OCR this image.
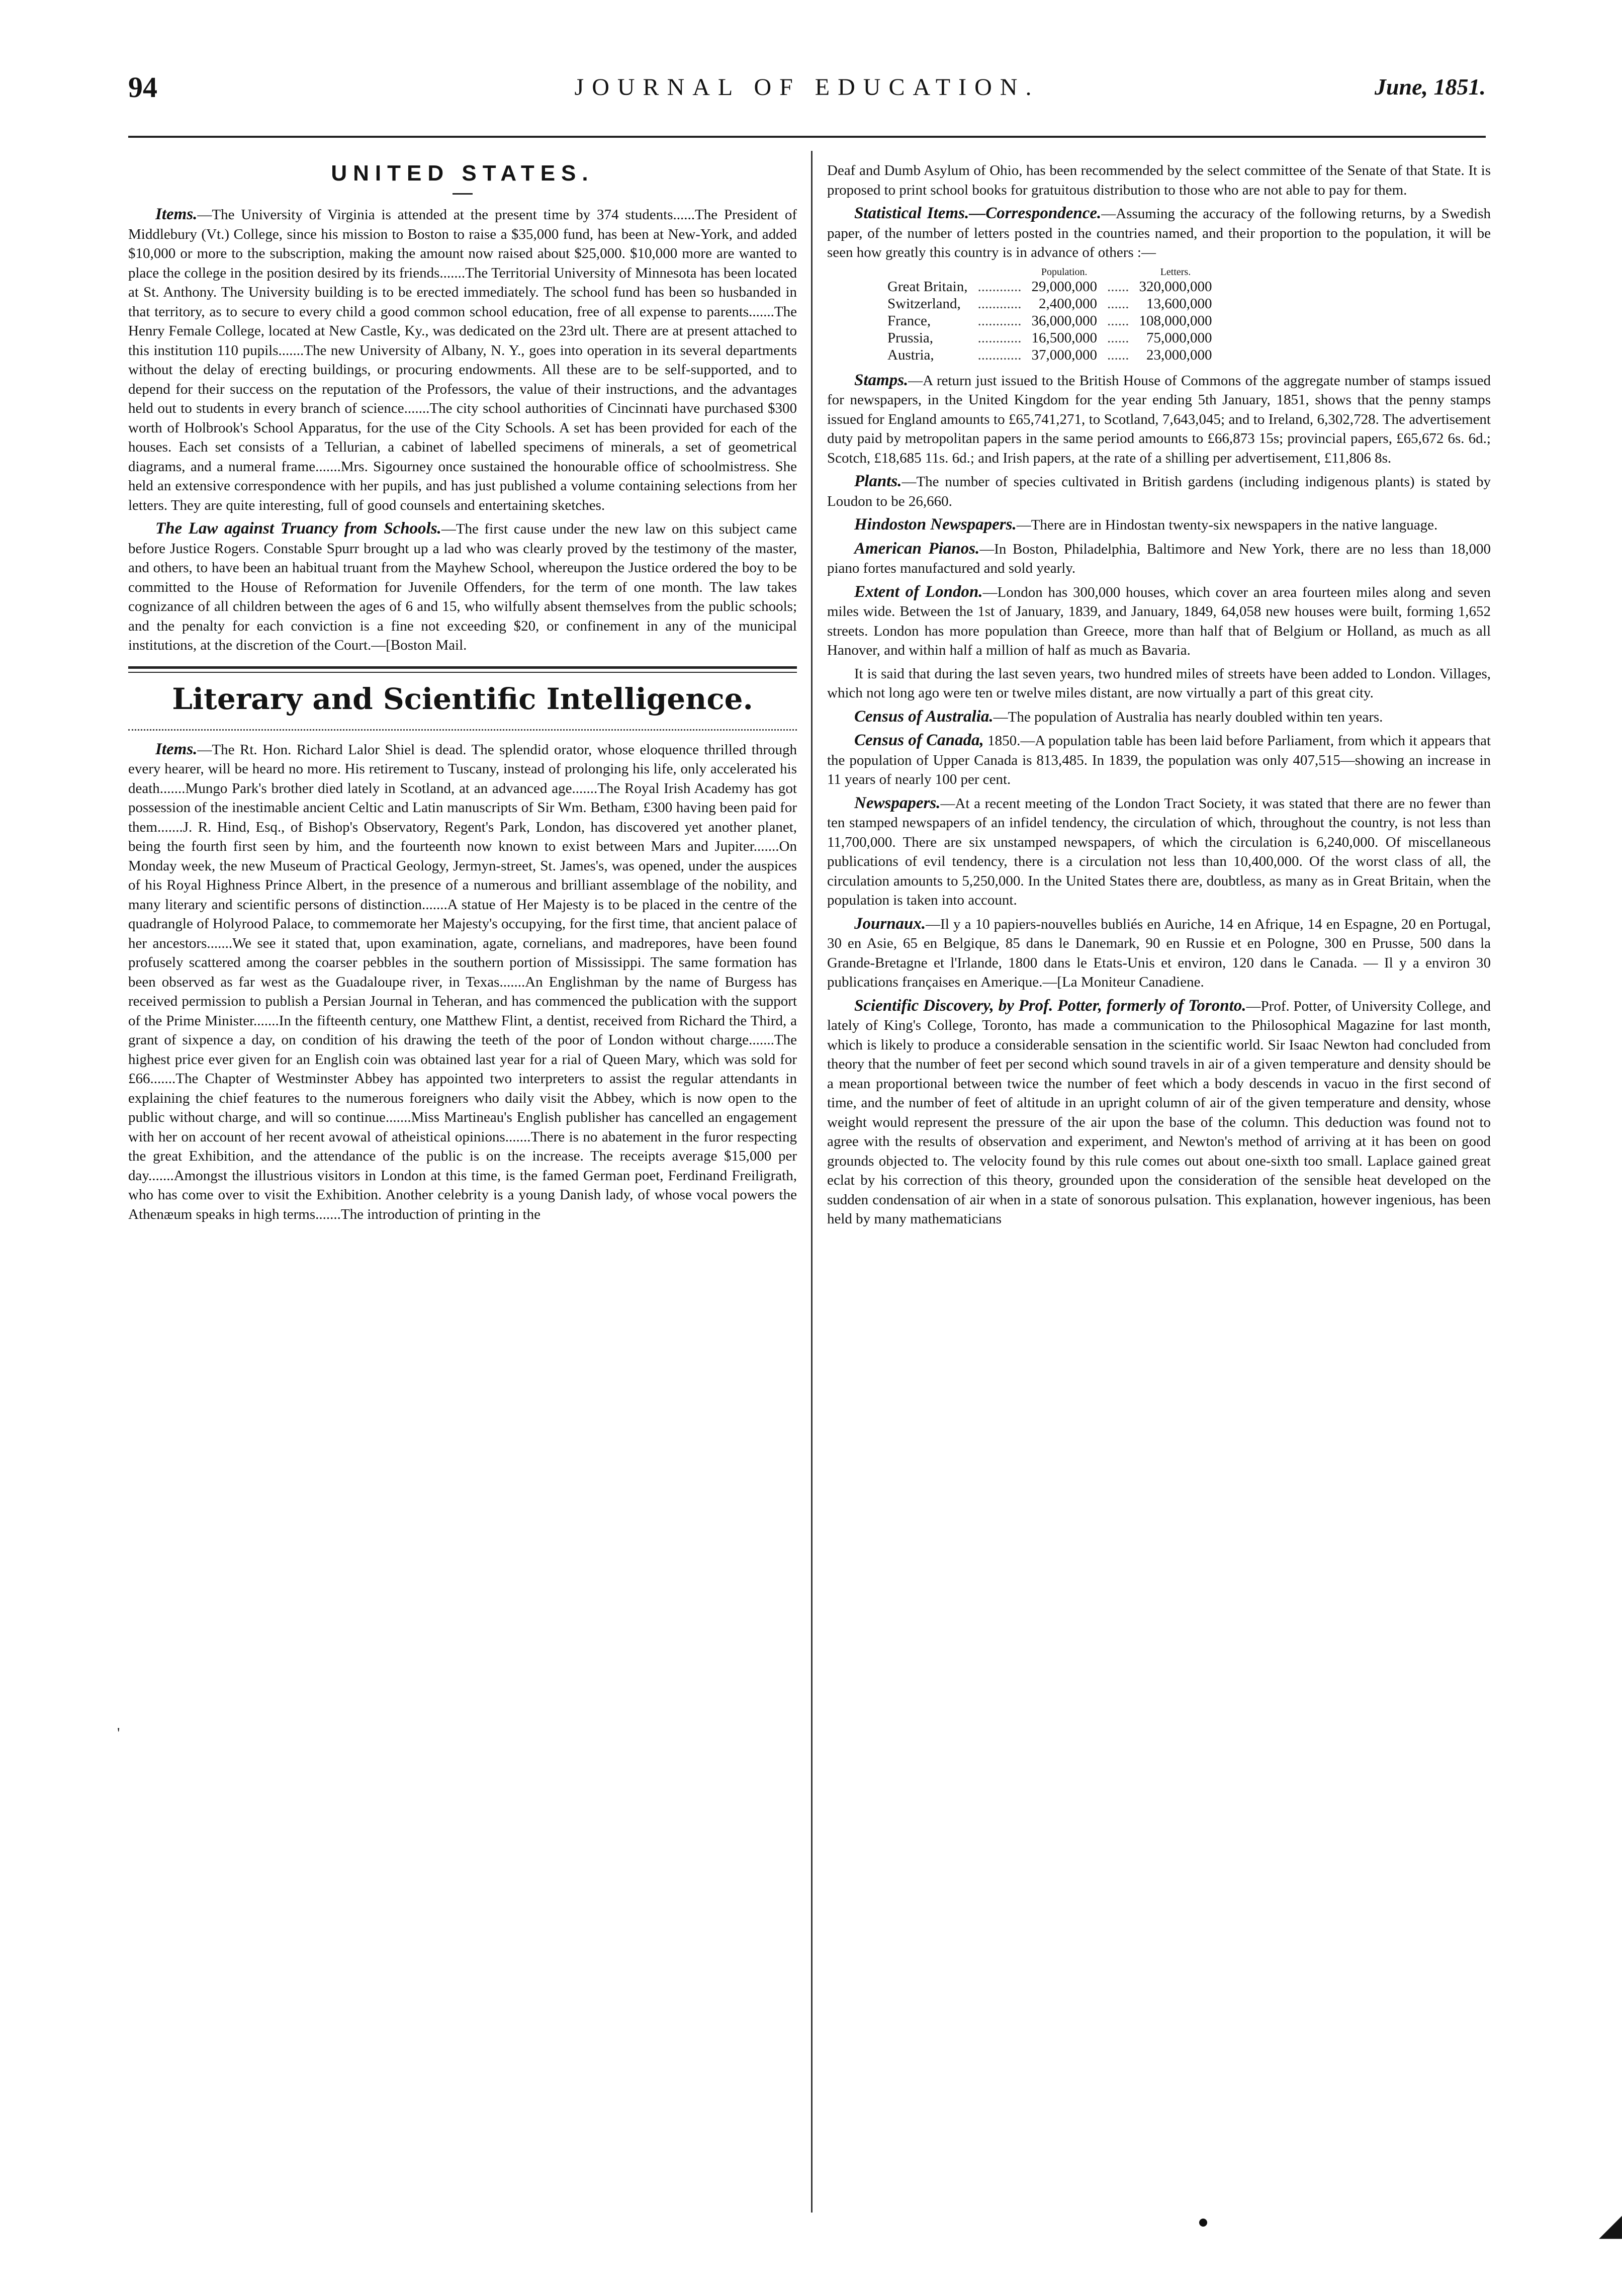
94	JOURNAL OF EDUCATION.	June, 1851.
UNITED STATES.

Items.—The University of Virginia is attended at the present time by 374 students......The President of Middlebury (Vt.) College, since his mission to Boston to raise a $35,000 fund, has been at New-York, and added $10,000 or more to the subscription, making the amount now raised about $25,000. $10,000 more are wanted to place the college in the position desired by its friends.......The Territorial University of Minnesota has been located at St. Anthony. The University building is to be erected immediately. The school fund has been so husbanded in that territory, as to secure to every child a good common school education, free of all expense to parents.......The Henry Female College, located at New Castle, Ky., was dedicated on the 23rd ult. There are at present attached to this institution 110 pupils.......The new University of Albany, N. Y., goes into operation in its several departments without the delay of erecting buildings, or procuring endowments. All these are to be self-supported, and to depend for their success on the reputation of the Professors, the value of their instructions, and the advantages held out to students in every branch of science.......The city school authorities of Cincinnati have purchased $300 worth of Holbrook's School Apparatus, for the use of the City Schools. A set has been provided for each of the houses. Each set consists of a Tellurian, a cabinet of labelled specimens of minerals, a set of geometrical diagrams, and a numeral frame.......Mrs. Sigourney once sustained the honourable office of schoolmistress. She held an extensive correspondence with her pupils, and has just published a volume containing selections from her letters. They are quite interesting, full of good counsels and entertaining sketches.

The Law against Truancy from Schools.—The first cause under the new law on this subject came before Justice Rogers. Constable Spurr brought up a lad who was clearly proved by the testimony of the master, and others, to have been an habitual truant from the Mayhew School, whereupon the Justice ordered the boy to be committed to the House of Reformation for Juvenile Offenders, for the term of one month. The law takes cognizance of all children between the ages of 6 and 15, who wilfully absent themselves from the public schools; and the penalty for each conviction is a fine not exceeding $20, or confinement in any of the municipal institutions, at the discretion of the Court.—[Boston Mail.

Literary and Scientific Intelligence.

Items.—The Rt. Hon. Richard Lalor Shiel is dead. The splendid orator, whose eloquence thrilled through every hearer, will be heard no more. His retirement to Tuscany, instead of prolonging his life, only accelerated his death.......Mungo Park's brother died lately in Scotland, at an advanced age.......The Royal Irish Academy has got possession of the inestimable ancient Celtic and Latin manuscripts of Sir Wm. Betham, £300 having been paid for them.......J. R. Hind, Esq., of Bishop's Observatory, Regent's Park, London, has discovered yet another planet, being the fourth first seen by him, and the fourteenth now known to exist between Mars and Jupiter.......On Monday week, the new Museum of Practical Geology, Jermyn-street, St. James's, was opened, under the auspices of his Royal Highness Prince Albert, in the presence of a numerous and brilliant assemblage of the nobility, and many literary and scientific persons of distinction.......A statue of Her Majesty is to be placed in the centre of the quadrangle of Holyrood Palace, to commemorate her Majesty's occupying, for the first time, that ancient palace of her ancestors.......We see it stated that, upon examination, agate, cornelians, and madrepores, have been found profusely scattered among the coarser pebbles in the southern portion of Mississippi. The same formation has been observed as far west as the Guadaloupe river, in Texas.......An Englishman by the name of Burgess has received permission to publish a Persian Journal in Teheran, and has commenced the publication with the support of the Prime Minister.......In the fifteenth century, one Matthew Flint, a dentist, received from Richard the Third, a grant of sixpence a day, on condition of his drawing the teeth of the poor of London without charge.......The highest price ever given for an English coin was obtained last year for a rial of Queen Mary, which was sold for £66.......The Chapter of Westminster Abbey has appointed two interpreters to assist the regular attendants in explaining the chief features to the numerous foreigners who daily visit the Abbey, which is now open to the public without charge, and will so continue.......Miss Martineau's English publisher has cancelled an engagement with her on account of her recent avowal of atheistical opinions.......There is no abatement in the furor respecting the great Exhibition, and the attendance of the public is on the increase. The receipts average $15,000 per day.......Amongst the illustrious visitors in London at this time, is the famed German poet, Ferdinand Freiligrath, who has come over to visit the Exhibition. Another celebrity is a young Danish lady, of whose vocal powers the Athenæum speaks in high terms.......The introduction of printing in the

Deaf and Dumb Asylum of Ohio, has been recommended by the select committee of the Senate of that State. It is proposed to print school books for gratuitous distribution to those who are not able to pay for them.

Statistical Items.—Correspondence.—Assuming the accuracy of the following returns, by a Swedish paper, of the number of letters posted in the countries named, and their proportion to the population, it will be seen how greatly this country is in advance of others :—

		Population.		Letters.
Great Britain,	............	29,000,000	......	320,000,000
Switzerland,	............	2,400,000	......	13,600,000
France,	............	36,000,000	......	108,000,000
Prussia,	............	16,500,000	......	75,000,000
Austria,	............	37,000,000	......	23,000,000

Stamps.—A return just issued to the British House of Commons of the aggregate number of stamps issued for newspapers, in the United Kingdom for the year ending 5th January, 1851, shows that the penny stamps issued for England amounts to £65,741,271, to Scotland, 7,643,045; and to Ireland, 6,302,728. The advertisement duty paid by metropolitan papers in the same period amounts to £66,873 15s; provincial papers, £65,672 6s. 6d.; Scotch, £18,685 11s. 6d.; and Irish papers, at the rate of a shilling per advertisement, £11,806 8s.

Plants.—The number of species cultivated in British gardens (including indigenous plants) is stated by Loudon to be 26,660.

Hindoston Newspapers.—There are in Hindostan twenty-six newspapers in the native language.

American Pianos.—In Boston, Philadelphia, Baltimore and New York, there are no less than 18,000 piano fortes manufactured and sold yearly.

Extent of London.—London has 300,000 houses, which cover an area fourteen miles along and seven miles wide. Between the 1st of January, 1839, and January, 1849, 64,058 new houses were built, forming 1,652 streets. London has more population than Greece, more than half that of Belgium or Holland, as much as all Hanover, and within half a million of half as much as Bavaria.

It is said that during the last seven years, two hundred miles of streets have been added to London. Villages, which not long ago were ten or twelve miles distant, are now virtually a part of this great city.

Census of Australia.—The population of Australia has nearly doubled within ten years.

Census of Canada, 1850.—A population table has been laid before Parliament, from which it appears that the population of Upper Canada is 813,485. In 1839, the population was only 407,515—showing an increase in 11 years of nearly 100 per cent.

Newspapers.—At a recent meeting of the London Tract Society, it was stated that there are no fewer than ten stamped newspapers of an infidel tendency, the circulation of which, throughout the country, is not less than 11,700,000. There are six unstamped newspapers, of which the circulation is 6,240,000. Of miscellaneous publications of evil tendency, there is a circulation not less than 10,400,000. Of the worst class of all, the circulation amounts to 5,250,000. In the United States there are, doubtless, as many as in Great Britain, when the population is taken into account.

Journaux.—Il y a 10 papiers-nouvelles bubliés en Auriche, 14 en Afrique, 14 en Espagne, 20 en Portugal, 30 en Asie, 65 en Belgique, 85 dans le Danemark, 90 en Russie et en Pologne, 300 en Prusse, 500 dans la Grande-Bretagne et l'Irlande, 1800 dans le Etats-Unis et environ, 120 dans le Canada. — Il y a environ 30 publications françaises en Amerique.—[La Moniteur Canadiene.

Scientific Discovery, by Prof. Potter, formerly of Toronto.—Prof. Potter, of University College, and lately of King's College, Toronto, has made a communication to the Philosophical Magazine for last month, which is likely to produce a considerable sensation in the scientific world. Sir Isaac Newton had concluded from theory that the number of feet per second which sound travels in air of a given temperature and density should be a mean proportional between twice the number of feet which a body descends in vacuo in the first second of time, and the number of feet of altitude in an upright column of air of the given temperature and density, whose weight would represent the pressure of the air upon the base of the column. This deduction was found not to agree with the results of observation and experiment, and Newton's method of arriving at it has been on good grounds objected to. The velocity found by this rule comes out about one-sixth too small. Laplace gained great eclat by his correction of this theory, grounded upon the consideration of the sensible heat developed on the sudden condensation of air when in a state of sonorous pulsation. This explanation, however ingenious, has been held by many mathematicians

'
◢
